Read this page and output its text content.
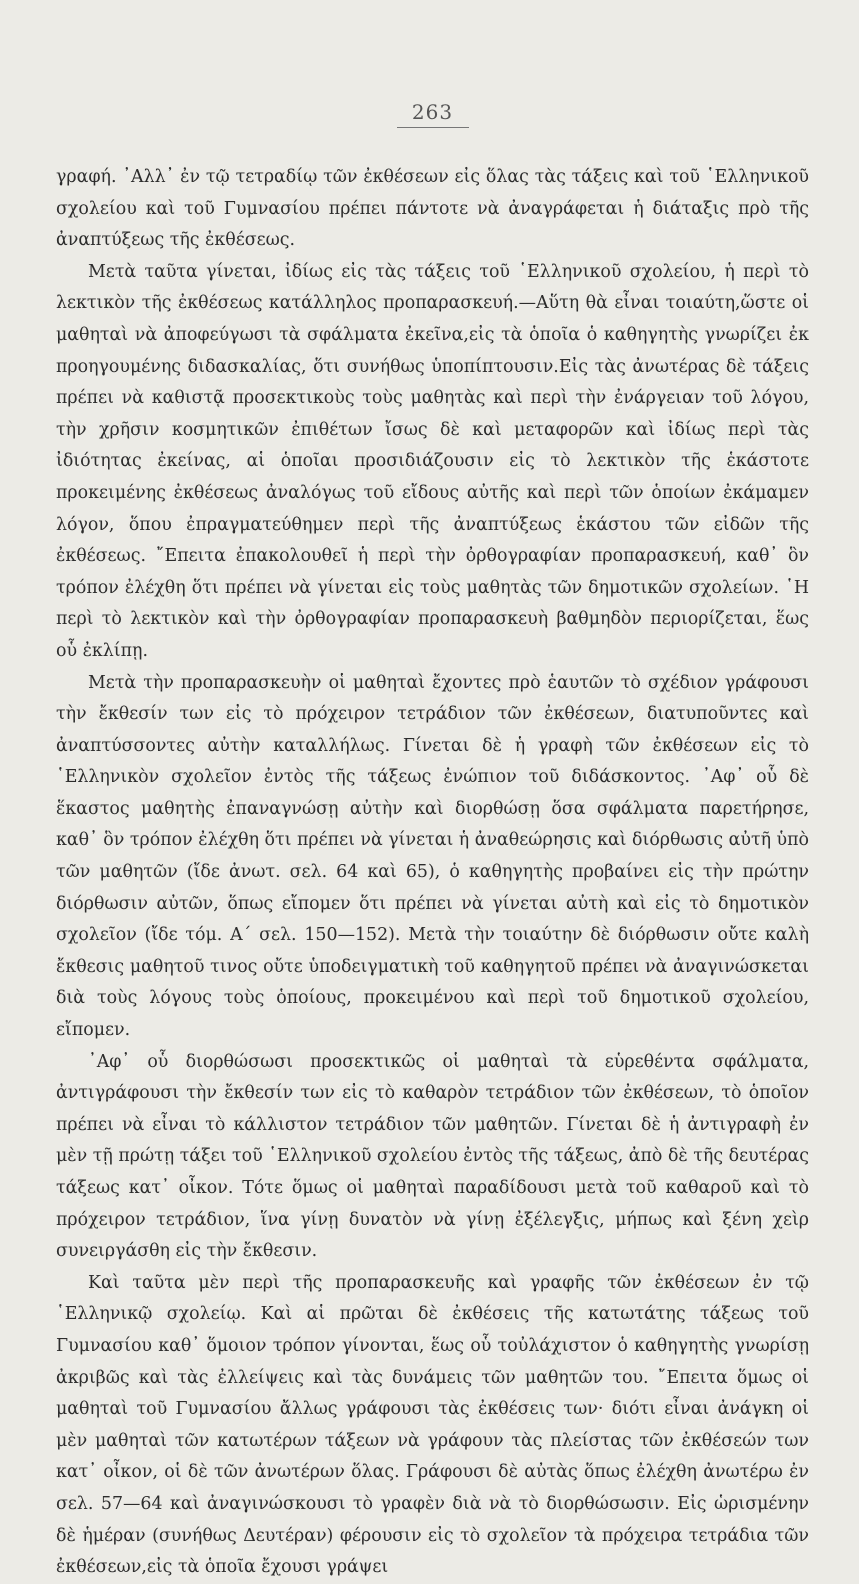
263

γραφή. ᾽Αλλ᾽ ἐν τῷ τετραδίῳ τῶν ἐκθέσεων εἰς ὅλας τὰς τάξεις καὶ τοῦ ῾Ελληνικοῦ σχολείου καὶ τοῦ Γυμνασίου πρέπει πάντοτε νὰ ἀναγράφεται ἡ διάταξις πρὸ τῆς ἀναπτύξεως τῆς ἐκθέσεως.

Μετὰ ταῦτα γίνεται, ἰδίως εἰς τὰς τάξεις τοῦ ῾Ελληνικοῦ σχολείου, ἡ περὶ τὸ λεκτικὸν τῆς ἐκθέσεως κατάλληλος προπαρασκευή.—Αὕτη θὰ εἶναι τοιαύτη,ὥστε οἱ μαθηταὶ νὰ ἀποφεύγωσι τὰ σφάλματα ἐκεῖνα,εἰς τὰ ὁποῖα ὁ καθηγητὴς γνωρίζει ἐκ προηγουμένης διδασκαλίας, ὅτι συνήθως ὑποπίπτουσιν.Εἰς τὰς ἀνωτέρας δὲ τάξεις πρέπει νὰ καθιστᾷ προσεκτικοὺς τοὺς μαθητὰς καὶ περὶ τὴν ἐνάργειαν τοῦ λόγου, τὴν χρῆσιν κοσμητικῶν ἐπιθέτων ἴσως δὲ καὶ μεταφορῶν καὶ ἰδίως περὶ τὰς ἰδιότητας ἐκείνας, αἱ ὁποῖαι προσιδιάζουσιν εἰς τὸ λεκτικὸν τῆς ἑκάστοτε προκειμένης ἐκθέσεως ἀναλόγως τοῦ εἴδους αὐτῆς καὶ περὶ τῶν ὁποίων ἐκάμαμεν λόγον, ὅπου ἐπραγματεύθημεν περὶ τῆς ἀναπτύξεως ἑκάστου τῶν εἰδῶν τῆς ἐκθέσεως. ῎Επειτα ἐπακολουθεῖ ἡ περὶ τὴν ὀρθογραφίαν προπαρασκευή, καθ᾽ ὃν τρόπον ἐλέχθη ὅτι πρέπει νὰ γίνεται εἰς τοὺς μαθητὰς τῶν δημοτικῶν σχολείων. ῾Η περὶ τὸ λεκτικὸν καὶ τὴν ὀρθογραφίαν προπαρασκευὴ βαθμηδὸν περιορίζεται, ἕως οὗ ἐκλίπῃ.

Μετὰ τὴν προπαρασκευὴν οἱ μαθηταὶ ἔχοντες πρὸ ἑαυτῶν τὸ σχέδιον γράφουσι τὴν ἔκθεσίν των εἰς τὸ πρόχειρον τετράδιον τῶν ἐκθέσεων, διατυποῦντες καὶ ἀναπτύσσοντες αὐτὴν καταλλήλως. Γίνεται δὲ ἡ γραφὴ τῶν ἐκθέσεων εἰς τὸ ῾Ελληνικὸν σχολεῖον ἐντὸς τῆς τάξεως ἐνώπιον τοῦ διδάσκοντος. ᾽Αφ᾽ οὗ δὲ ἕκαστος μαθητὴς ἐπαναγνώσῃ αὐτὴν καὶ διορθώσῃ ὅσα σφάλματα παρετήρησε, καθ᾽ ὃν τρόπον ἐλέχθη ὅτι πρέπει νὰ γίνεται ἡ ἀναθεώρησις καὶ διόρθωσις αὐτῆ ὑπὸ τῶν μαθητῶν (ἴδε ἀνωτ. σελ. 64 καὶ 65), ὁ καθηγητὴς προβαίνει εἰς τὴν πρώτην διόρθωσιν αὐτῶν, ὅπως εἴπομεν ὅτι πρέπει νὰ γίνεται αὐτὴ καὶ εἰς τὸ δημοτικὸν σχολεῖον (ἴδε τόμ. Α´ σελ. 150—152). Μετὰ τὴν τοιαύτην δὲ διόρθωσιν οὔτε καλὴ ἔκθεσις μαθητοῦ τινος οὔτε ὑποδειγματικὴ τοῦ καθηγητοῦ πρέπει νὰ ἀναγινώσκεται διὰ τοὺς λόγους τοὺς ὁποίους, προκειμένου καὶ περὶ τοῦ δημοτικοῦ σχολείου, εἴπομεν.

᾽Αφ᾽ οὗ διορθώσωσι προσεκτικῶς οἱ μαθηταὶ τὰ εὑρεθέντα σφάλματα, ἀντιγράφουσι τὴν ἔκθεσίν των εἰς τὸ καθαρὸν τετράδιον τῶν ἐκθέσεων, τὸ ὁποῖον πρέπει νὰ εἶναι τὸ κάλλιστον τετράδιον τῶν μαθητῶν. Γίνεται δὲ ἡ ἀντιγραφὴ ἐν μὲν τῇ πρώτῃ τάξει τοῦ ῾Ελληνικοῦ σχολείου ἐντὸς τῆς τάξεως, ἀπὸ δὲ τῆς δευτέρας τάξεως κατ᾽ οἶκον. Τότε ὅμως οἱ μαθηταὶ παραδίδουσι μετὰ τοῦ καθαροῦ καὶ τὸ πρόχειρον τετράδιον, ἵνα γίνῃ δυνατὸν νὰ γίνῃ ἐξέλεγξις, μήπως καὶ ξένη χεὶρ συνειργάσθη εἰς τὴν ἔκθεσιν.

Καὶ ταῦτα μὲν περὶ τῆς προπαρασκευῆς καὶ γραφῆς τῶν ἐκθέσεων ἐν τῷ ῾Ελληνικῷ σχολείῳ. Καὶ αἱ πρῶται δὲ ἐκθέσεις τῆς κατωτάτης τάξεως τοῦ Γυμνασίου καθ᾽ ὅμοιον τρόπον γίνονται, ἕως οὗ τοὐλάχιστον ὁ καθηγητὴς γνωρίσῃ ἀκριβῶς καὶ τὰς ἐλλείψεις καὶ τὰς δυνάμεις τῶν μαθητῶν του. ῎Επειτα ὅμως οἱ μαθηταὶ τοῦ Γυμνασίου ἄλλως γράφουσι τὰς ἐκθέσεις των· διότι εἶναι ἀνάγκη οἱ μὲν μαθηταὶ τῶν κατωτέρων τάξεων νὰ γράφουν τὰς πλείστας τῶν ἐκθέσεών των κατ᾽ οἶκον, οἱ δὲ τῶν ἀνωτέρων ὅλας. Γράφουσι δὲ αὐτὰς ὅπως ἐλέχθη ἀνωτέρω ἐν σελ. 57—64 καὶ ἀναγινώσκουσι τὸ γραφὲν διὰ νὰ τὸ διορθώσωσιν. Εἰς ὡρισμένην δὲ ἡμέραν (συνήθως Δευτέραν) φέρουσιν εἰς τὸ σχολεῖον τὰ πρόχειρα τετράδια τῶν ἐκθέσεων,εἰς τὰ ὁποῖα ἔχουσι γράψει
